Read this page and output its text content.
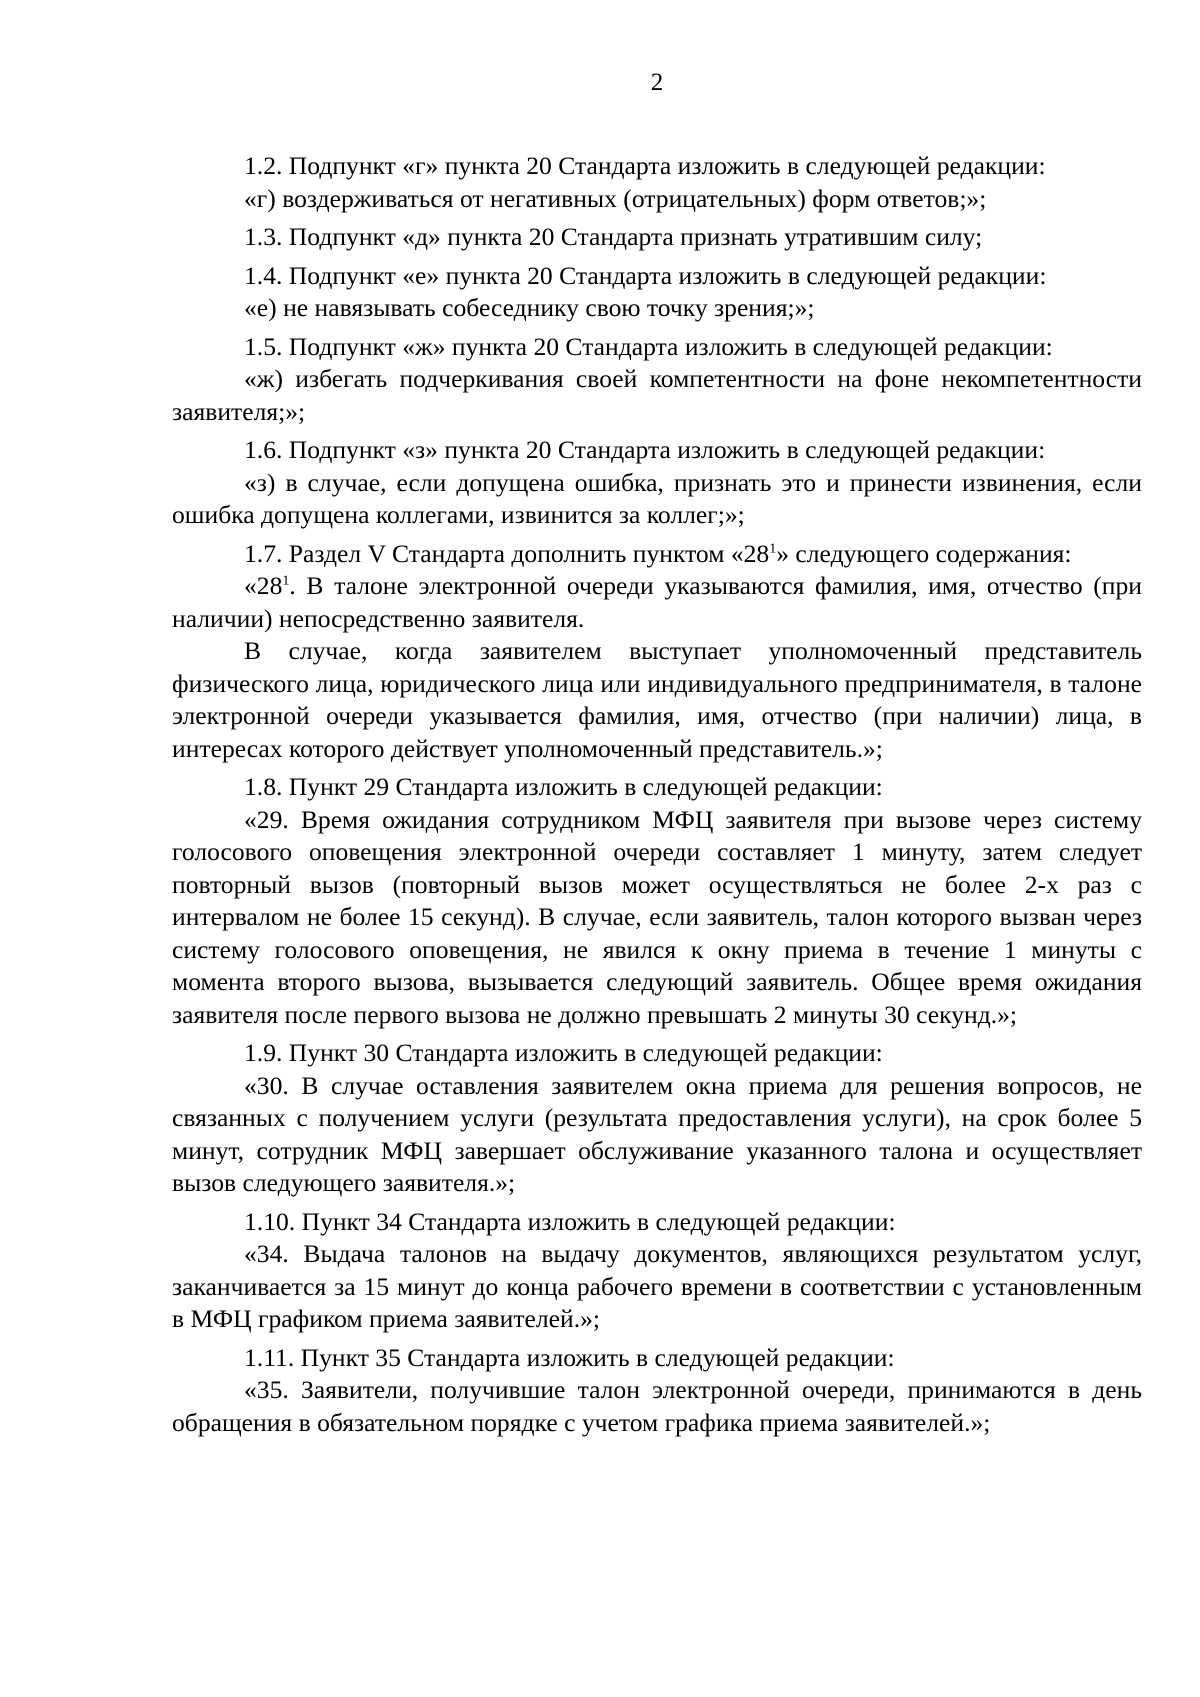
2

1.2. Подпункт «г» пункта 20 Стандарта изложить в следующей редакции:

«г) воздерживаться от негативных (отрицательных) форм ответов;»;

1.3. Подпункт «д» пункта 20 Стандарта признать утратившим силу;

1.4. Подпункт «е» пункта 20 Стандарта изложить в следующей редакции:

«е) не навязывать собеседнику свою точку зрения;»;

1.5. Подпункт «ж» пункта 20 Стандарта изложить в следующей редакции:

«ж) избегать подчеркивания своей компетентности на фоне некомпетентности заявителя;»;

1.6. Подпункт «з» пункта 20 Стандарта изложить в следующей редакции:

«з) в случае, если допущена ошибка, признать это и принести извинения, если ошибка допущена коллегами, извинится за коллег;»;

1.7. Раздел V Стандарта дополнить пунктом «$28^1$» следующего содержания:

«$28^1$. В талоне электронной очереди указываются фамилия, имя, отчество (при наличии) непосредственно заявителя.

В случае, когда заявителем выступает уполномоченный представитель физического лица, юридического лица или индивидуального предпринимателя, в талоне электронной очереди указывается фамилия, имя, отчество (при наличии) лица, в интересах которого действует уполномоченный представитель.»;

1.8. Пункт 29 Стандарта изложить в следующей редакции:

«29. Время ожидания сотрудником МФЦ заявителя при вызове через систему голосового оповещения электронной очереди составляет 1 минуту, затем следует повторный вызов (повторный вызов может осуществляться не более 2-х раз с интервалом не более 15 секунд). В случае, если заявитель, талон которого вызван через систему голосового оповещения, не явился к окну приема в течение 1 минуты с момента второго вызова, вызывается следующий заявитель. Общее время ожидания заявителя после первого вызова не должно превышать 2 минуты 30 секунд.»;

1.9. Пункт 30 Стандарта изложить в следующей редакции:

«30. В случае оставления заявителем окна приема для решения вопросов, не связанных с получением услуги (результата предоставления услуги), на срок более 5 минут, сотрудник МФЦ завершает обслуживание указанного талона и осуществляет вызов следующего заявителя.»;

1.10. Пункт 34 Стандарта изложить в следующей редакции:

«34. Выдача талонов на выдачу документов, являющихся результатом услуг, заканчивается за 15 минут до конца рабочего времени в соответствии с установленным в МФЦ графиком приема заявителей.»;

1.11. Пункт 35 Стандарта изложить в следующей редакции:

«35. Заявители, получившие талон электронной очереди, принимаются в день обращения в обязательном порядке с учетом графика приема заявителей.»;
